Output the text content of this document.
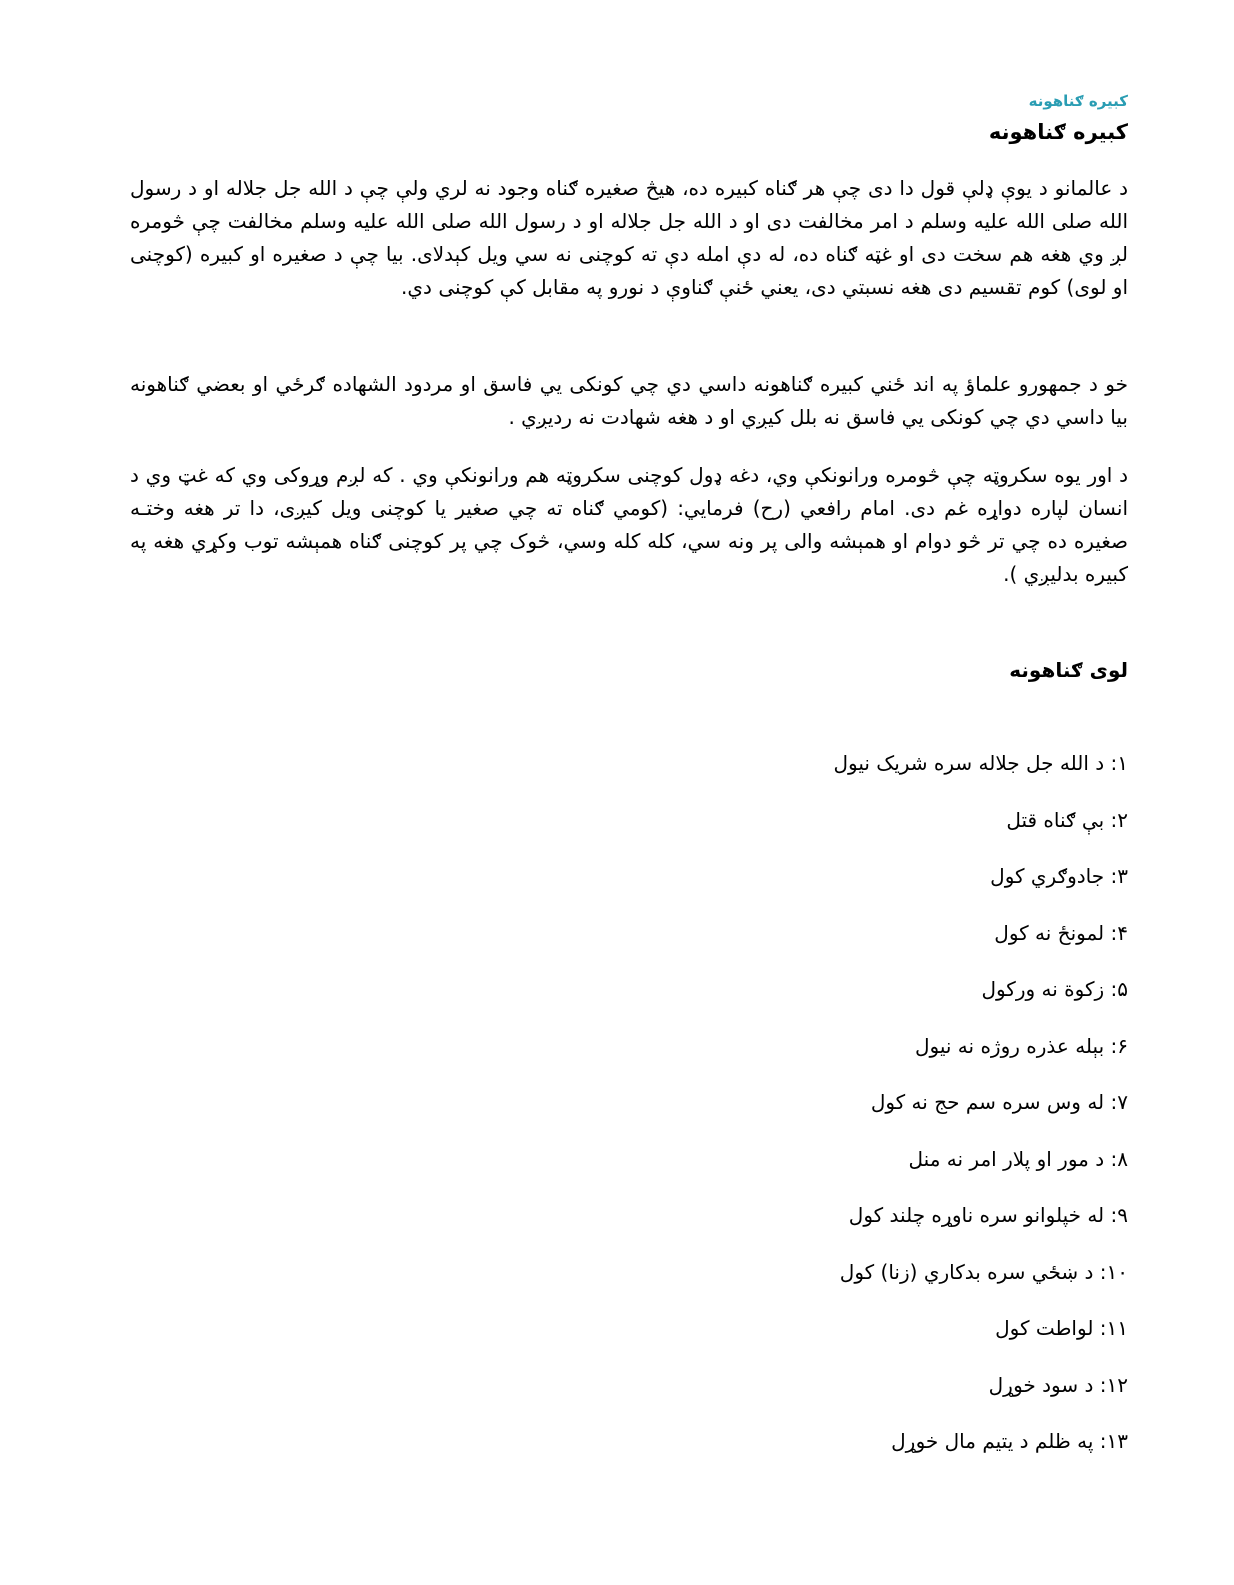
كبيره ګناهونه
كبيره ګناهونه

د عالمانو د يوې ډلې قول دا دی چې هر ګناه کبيره ده، هيڅ صغيره ګناه وجود نه لري ولې چې د الله جل جلاله او د رسول الله صلی الله عليه وسلم د امر مخالفت دی او د الله جل جلاله او د رسول الله صلی الله عليه وسلم مخالفت چې څومره لږ وي هغه هم سخت دی او غټه ګناه ده، له دې امله دې ته کوچنی نه سي ويل کېدلای. بيا چې د صغيره او کبيره (کوچنی او لوی) کوم تقسيم دی هغه نسبتي دی، يعني ځنې ګناوې د نورو په مقابل کې کوچنی دي.

خو د جمهورو علماؤ په اند ځني كبيره ګناهونه داسي دي چي كونكى يي فاسق او مردود الشهاده ګرځي او بعضي ګناهونه بيا داسي دي چي كونكى يي فاسق نه بلل كيږي او د هغه شهادت نه رديږي .

د اور يوه سکروټه چې څومره ورانونکې وي، دغه ډول کوچنی سکروټه هم ورانونکې وي . كه لږم وړوکی وي كه غټ وي د انسان لپاره دواړه غم دی. امام رافعي (رح) فرمايي: (کومي ګناه ته چي صغير يا کوچنی ويل کيږی، دا تر هغه وختـه صغيره ده چي تر څو دوام او همېشه والی پر ونه سي، کله کله وسي، څوک چي پر کوچنی ګناه همېشه توب وکړي هغه په کبيره بدليږي ).

لوی ګناهونه
١: د الله جل جلاله سره شريک نيول
٢: بې ګناه قتل
٣: جادوګري کول
۴: لمونځ نه کول
۵: زکوة نه ورکول
۶: بېله عذره روژه نه نيول
٧: له وس سره سم حج نه کول
٨: د مور او پلار امر نه منل
٩: له خپلوانو سره ناوړه چلند کول
١٠: د ښځي سره بدکاري (زنا) کول
١١: لواطت کول
١٢: د سود خوړل
١٣: په ظلم د يتيم مال خوړل
